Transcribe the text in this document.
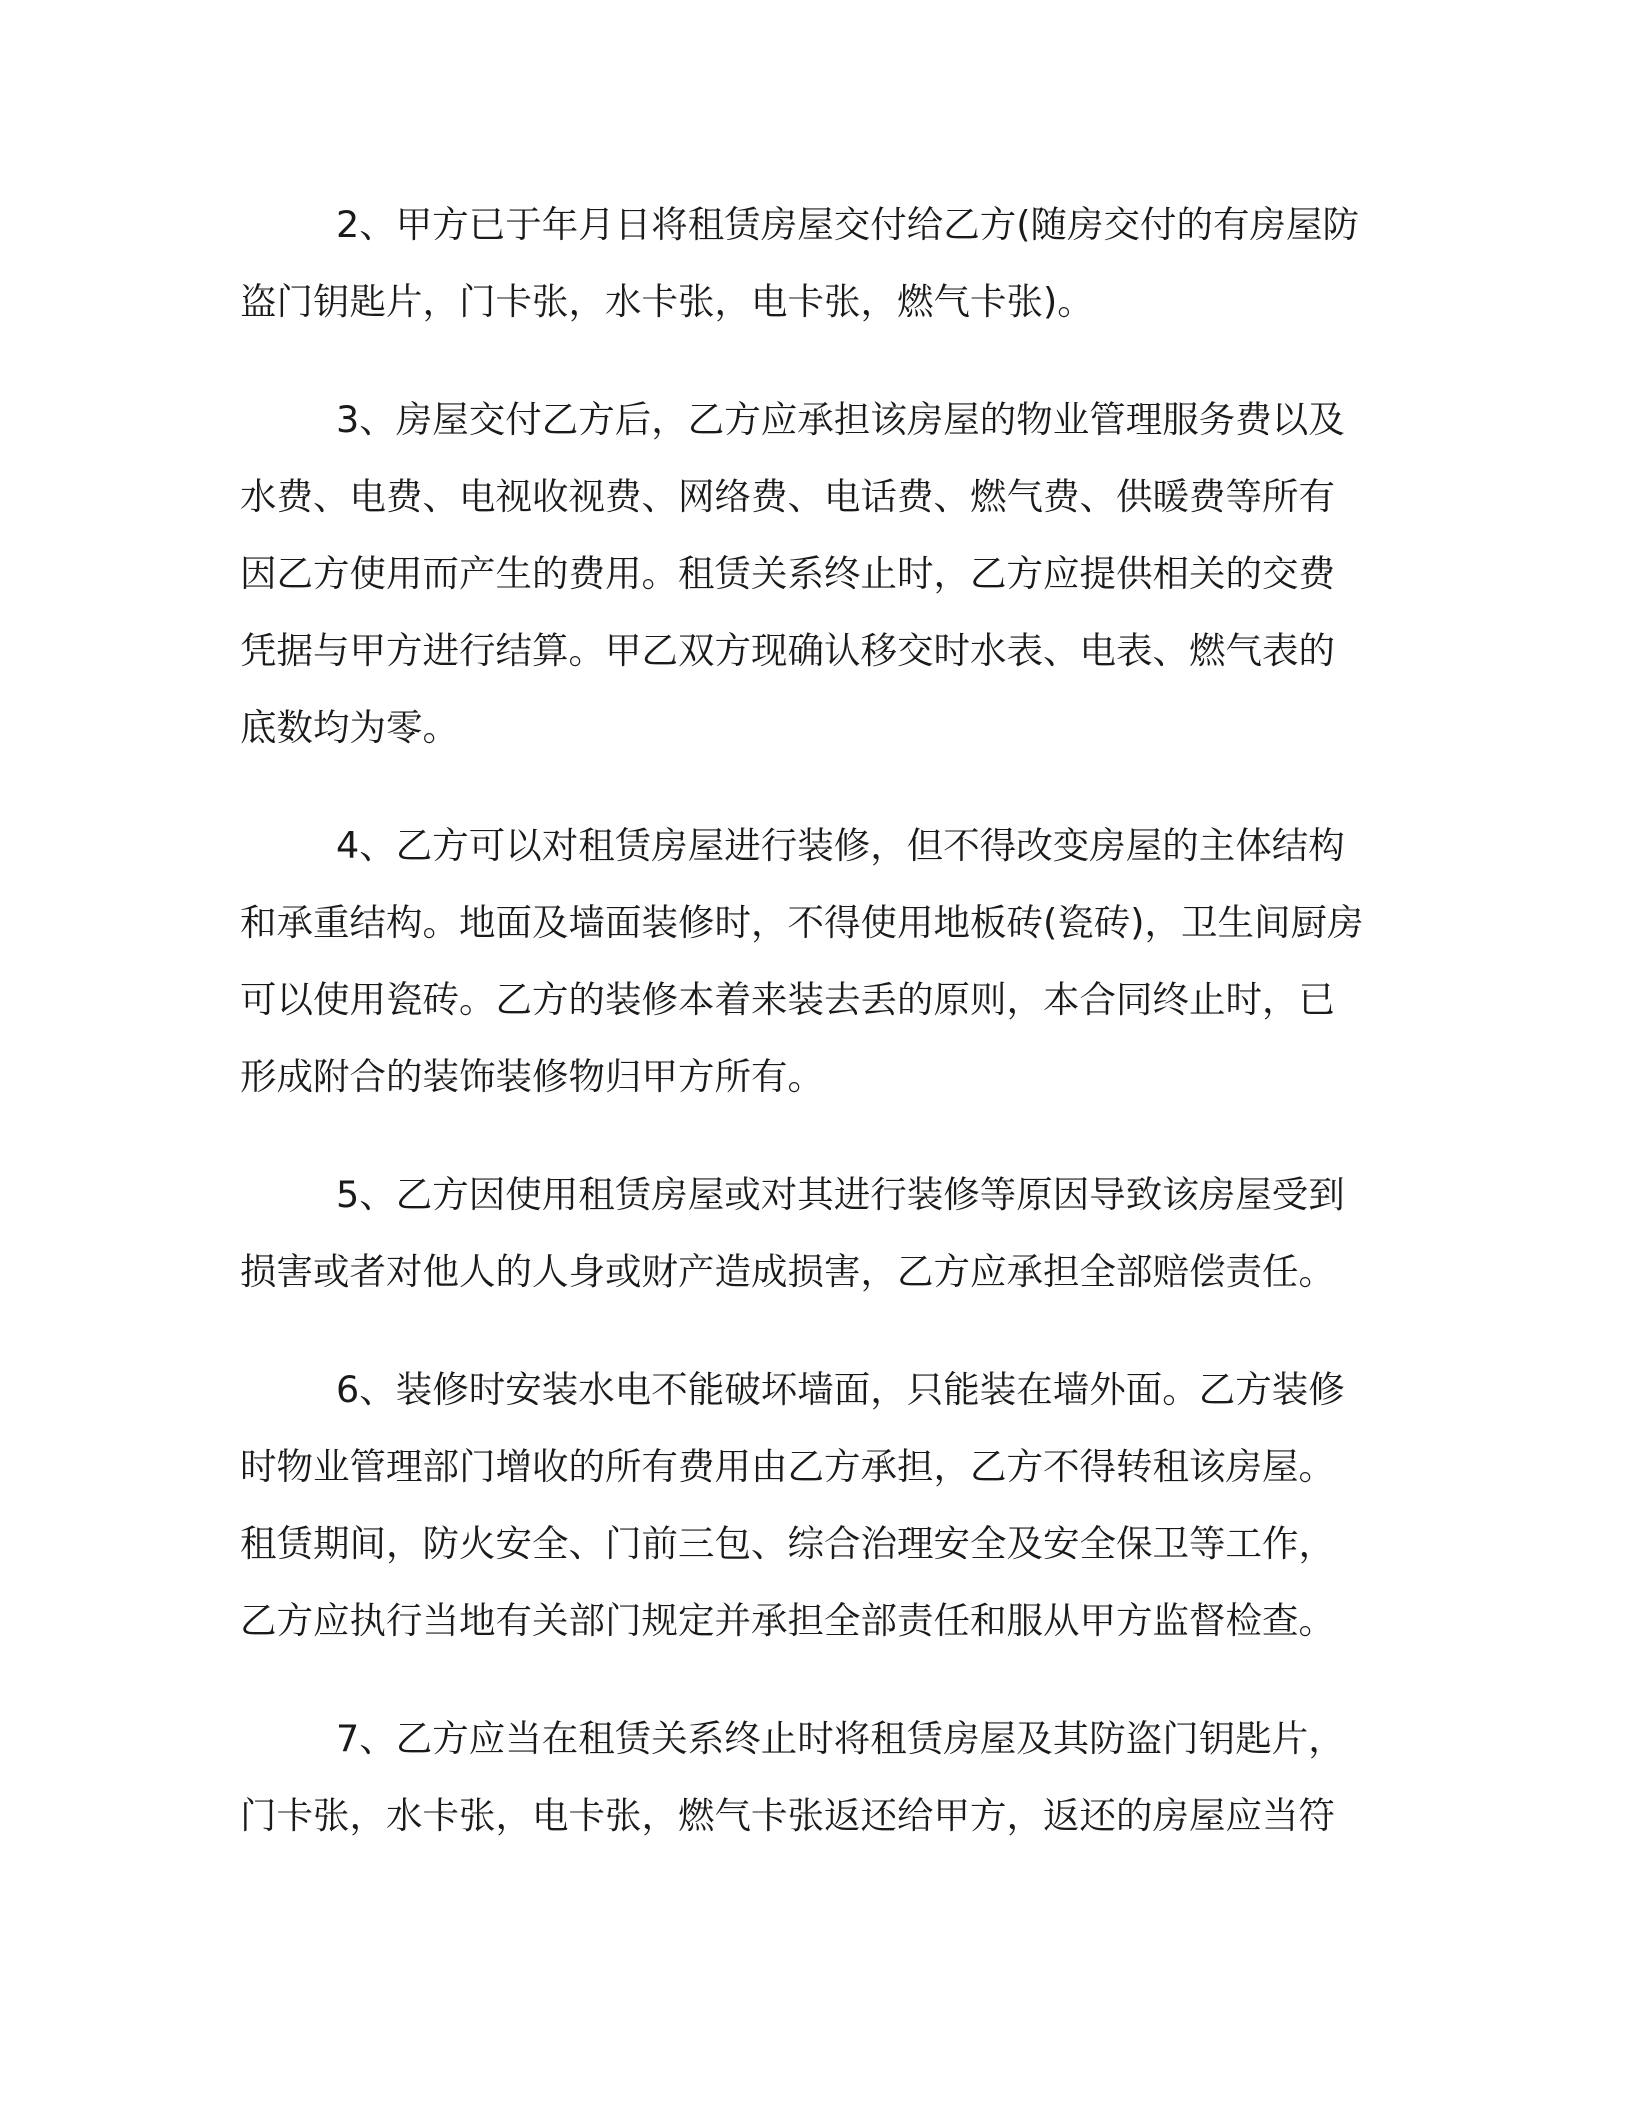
2、甲方已于年月日将租赁房屋交付给乙方(随房交付的有房屋防
盗门钥匙片，门卡张，水卡张，电卡张，燃气卡张)。
3、房屋交付乙方后，乙方应承担该房屋的物业管理服务费以及
水费、电费、电视收视费、网络费、电话费、燃气费、供暖费等所有
因乙方使用而产生的费用。租赁关系终止时，乙方应提供相关的交费
凭据与甲方进行结算。甲乙双方现确认移交时水表、电表、燃气表的
底数均为零。
4、乙方可以对租赁房屋进行装修，但不得改变房屋的主体结构
和承重结构。地面及墙面装修时，不得使用地板砖(瓷砖)，卫生间厨房
可以使用瓷砖。乙方的装修本着来装去丢的原则，本合同终止时，已
形成附合的装饰装修物归甲方所有。
5、乙方因使用租赁房屋或对其进行装修等原因导致该房屋受到
损害或者对他人的人身或财产造成损害，乙方应承担全部赔偿责任。
6、装修时安装水电不能破坏墙面，只能装在墙外面。乙方装修
时物业管理部门增收的所有费用由乙方承担，乙方不得转租该房屋。
租赁期间，防火安全、门前三包、综合治理安全及安全保卫等工作，
乙方应执行当地有关部门规定并承担全部责任和服从甲方监督检查。
7、乙方应当在租赁关系终止时将租赁房屋及其防盗门钥匙片，
门卡张，水卡张，电卡张，燃气卡张返还给甲方，返还的房屋应当符
